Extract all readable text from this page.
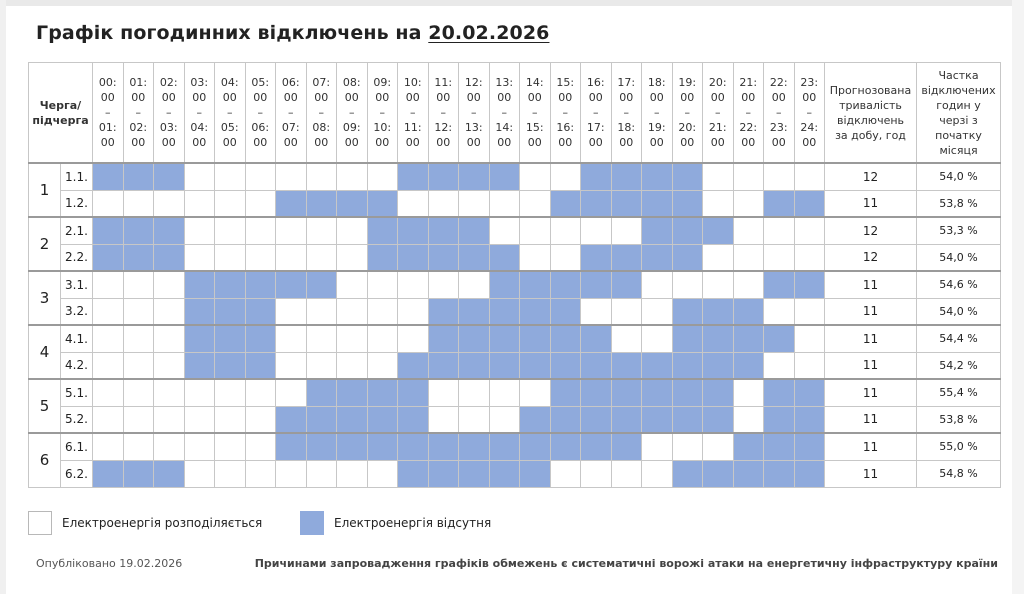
Графік погодинних відключень на 20.02.2026
Черга/
підчерга		00:
00
–
01:
00	01:
00
–
02:
00	02:
00
–
03:
00	03:
00
–
04:
00	04:
00
–
05:
00	05:
00
–
06:
00	06:
00
–
07:
00	07:
00
–
08:
00	08:
00
–
09:
00	09:
00
–
10:
00	10:
00
–
11:
00	11:
00
–
12:
00	12:
00
–
13:
00	13:
00
–
14:
00	14:
00
–
15:
00	15:
00
–
16:
00	16:
00
–
17:
00	17:
00
–
18:
00	18:
00
–
19:
00	19:
00
–
20:
00	20:
00
–
21:
00	21:
00
–
22:
00	22:
00
–
23:
00	23:
00
–
24:
00	Прогнозована тривалість відключень за добу, год	Частка відключених годин у черзі з початку місяця
1	1.1.																									12	54,0 %
	1.2.																									11	53,8 %
2	2.1.																									12	53,3 %
	2.2.																									12	54,0 %
3	3.1.																									11	54,6 %
	3.2.																									11	54,0 %
4	4.1.																									11	54,4 %
	4.2.																									11	54,2 %
5	5.1.																									11	55,4 %
	5.2.																									11	53,8 %
6	6.1.																									11	55,0 %
	6.2.																									11	54,8 %
Електроенергія розподіляється	Електроенергія відсутня
Опубліковано 19.02.2026	Причинами запровадження графіків обмежень є систематичні ворожі атаки на енергетичну інфраструктуру країни
